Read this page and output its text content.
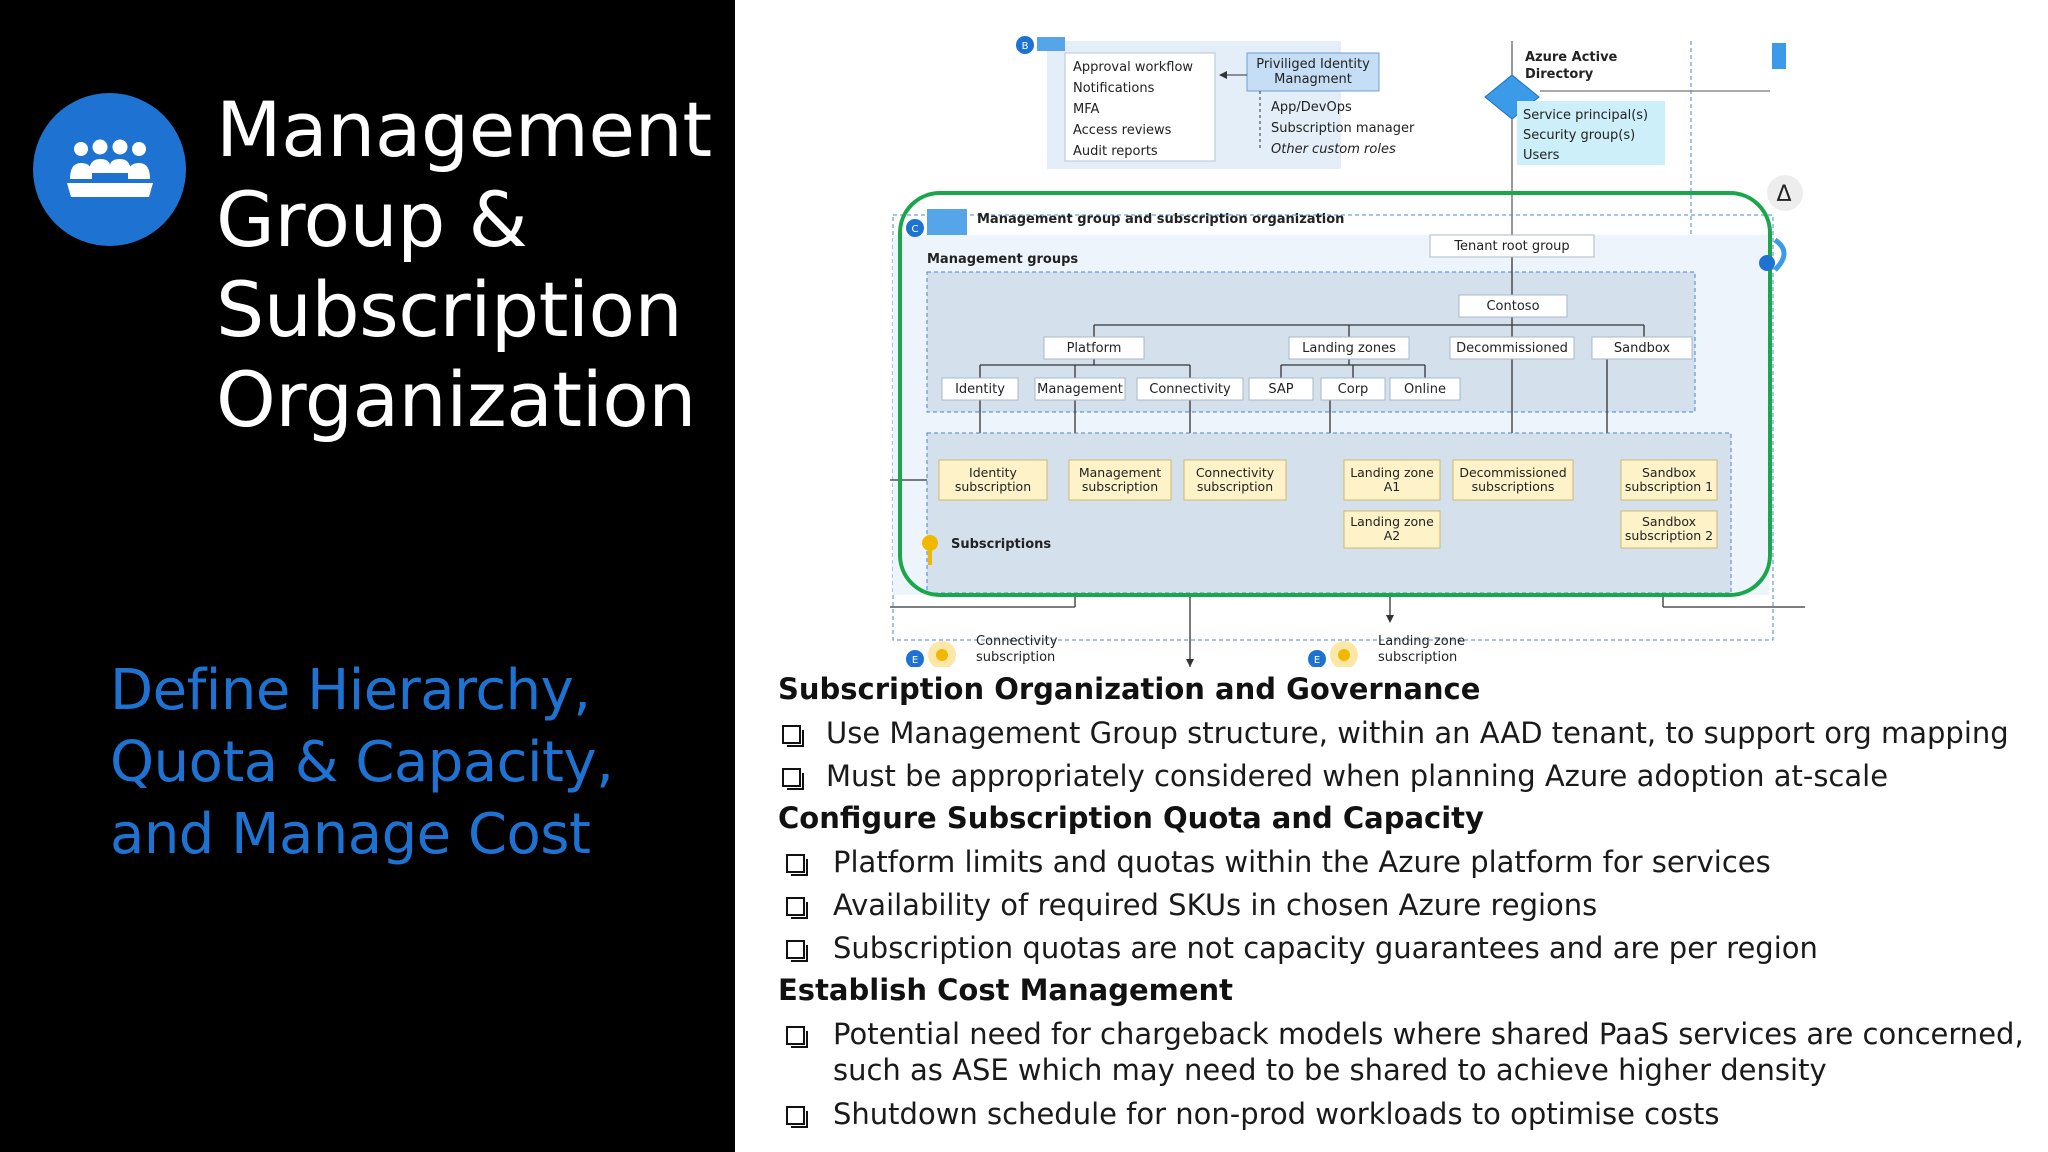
Management Group & Subscription Organization
Define Hierarchy, Quota & Capacity, and Manage Cost
Approval workflow
Notifications
MFA
Access reviews
Audit reports
Priviliged Identity
Managment
App/DevOps
Subscription manager
Other custom roles
B
Azure Active
Directory
Service principal(s)
Security group(s)
Users
C
Management group and subscription organization
Management groups
Tenant root group
Contoso
Platform	Landing zones	Decommissioned	Sandbox
Identity Management Connectivity	SAP	Corp	Online
Identity
subscription
Management
subscription
Connectivity
subscription
Landing zone
A1
Landing zone
A2
Decommissioned
subscriptions
Sandbox
subscription 1
Sandbox
subscription 2
Subscriptions
Δ
E
Connectivity
subscription	E
Landing zone
subscription
Subscription Organization and Governance
Use Management Group structure, within an AAD tenant, to support org mapping
Must be appropriately considered when planning Azure adoption at-scale
Configure Subscription Quota and Capacity
Platform limits and quotas within the Azure platform for services
Availability of required SKUs in chosen Azure regions
Subscription quotas are not capacity guarantees and are per region
Establish Cost Management
Potential need for chargeback models where shared PaaS services are concerned, such as ASE which may need to be shared to achieve higher density
Shutdown schedule for non-prod workloads to optimise costs
